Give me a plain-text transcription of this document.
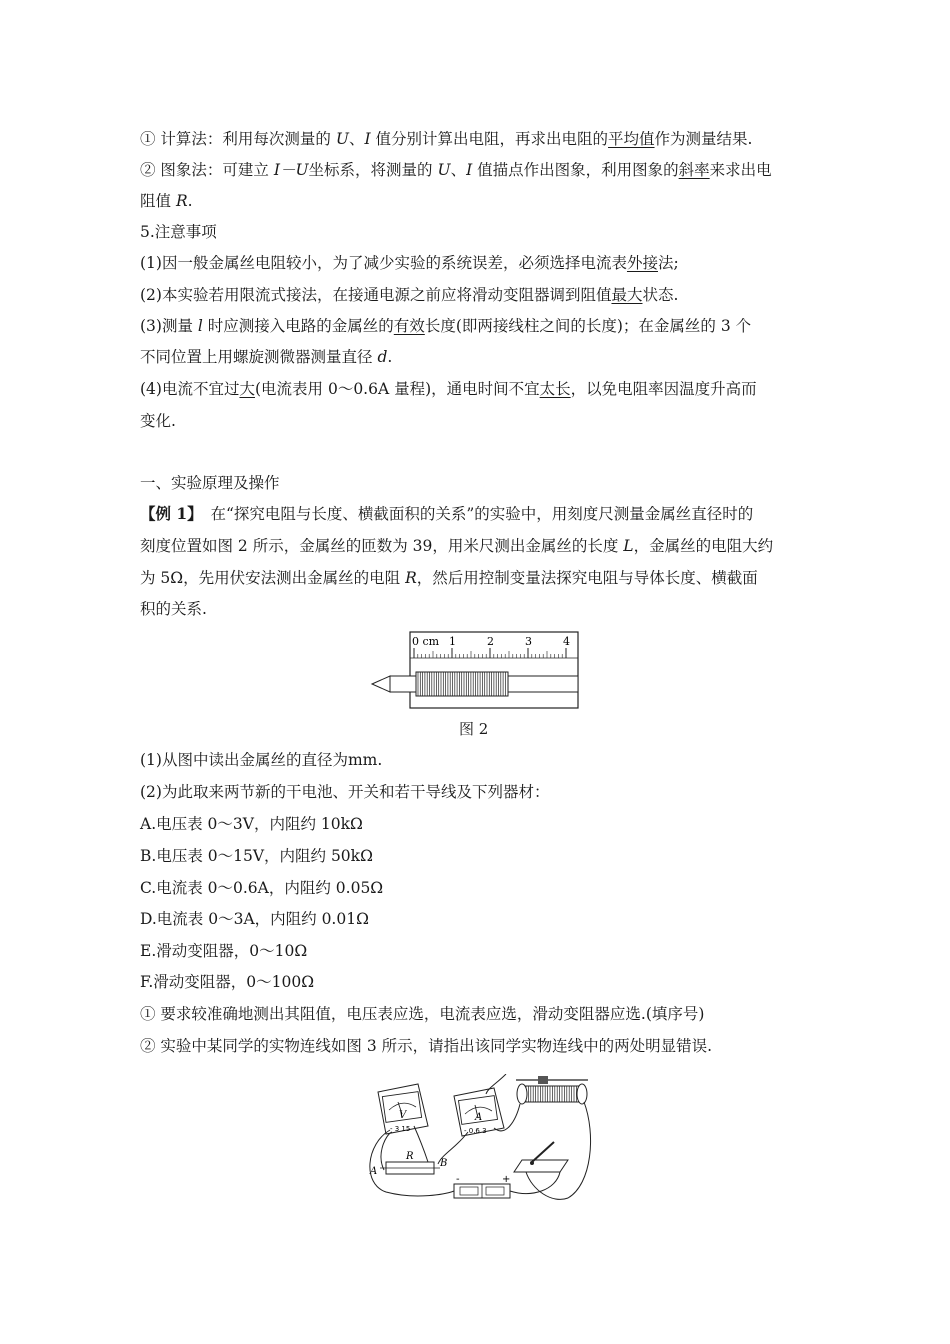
① 计算法：利用每次测量的 U、I 值分别计算出电阻，再求出电阻的平均值作为测量结果.
② 图象法：可建立 I－U坐标系，将测量的 U、I 值描点作出图象，利用图象的斜率来求出电
阻值 R.
5.注意事项
(1)因一般金属丝电阻较小，为了减少实验的系统误差，必须选择电流表外接法;
(2)本实验若用限流式接法，在接通电源之前应将滑动变阻器调到阻值最大状态.
(3)测量 l 时应测接入电路的金属丝的有效长度(即两接线柱之间的长度)；在金属丝的 3 个
不同位置上用螺旋测微器测量直径 d.
(4)电流不宜过大(电流表用 0～0.6A 量程)，通电时间不宜太长，以免电阻率因温度升高而
变化.
一、实验原理及操作
【例 1】　在“探究电阻与长度、横截面积的关系”的实验中，用刻度尺测量金属丝直径时的
刻度位置如图 2 所示，金属丝的匝数为 39，用米尺测出金属丝的长度 L，金属丝的电阻大约
为 5Ω，先用伏安法测出金属丝的电阻 R，然后用控制变量法探究电阻与导体长度、横截面
积的关系.
0 cm 1	2	3	4
图 2
(1)从图中读出金属丝的直径为mm.
(2)为此取来两节新的干电池、开关和若干导线及下列器材：
A.电压表 0～3V，内阻约 10kΩ
B.电压表 0～15V，内阻约 50kΩ
C.电流表 0～0.6A，内阻约 0.05Ω
D.电流表 0～3A，内阻约 0.01Ω
E.滑动变阻器，0～10Ω
F.滑动变阻器，0～100Ω
① 要求较准确地测出其阻值，电压表应选，电流表应选，滑动变阻器应选.(填序号)
② 实验中某同学的实物连线如图 3 所示，请指出该同学实物连线中的两处明显错误.
V
- 3 15
A
- 0.6 3
R
A
B
-	+
